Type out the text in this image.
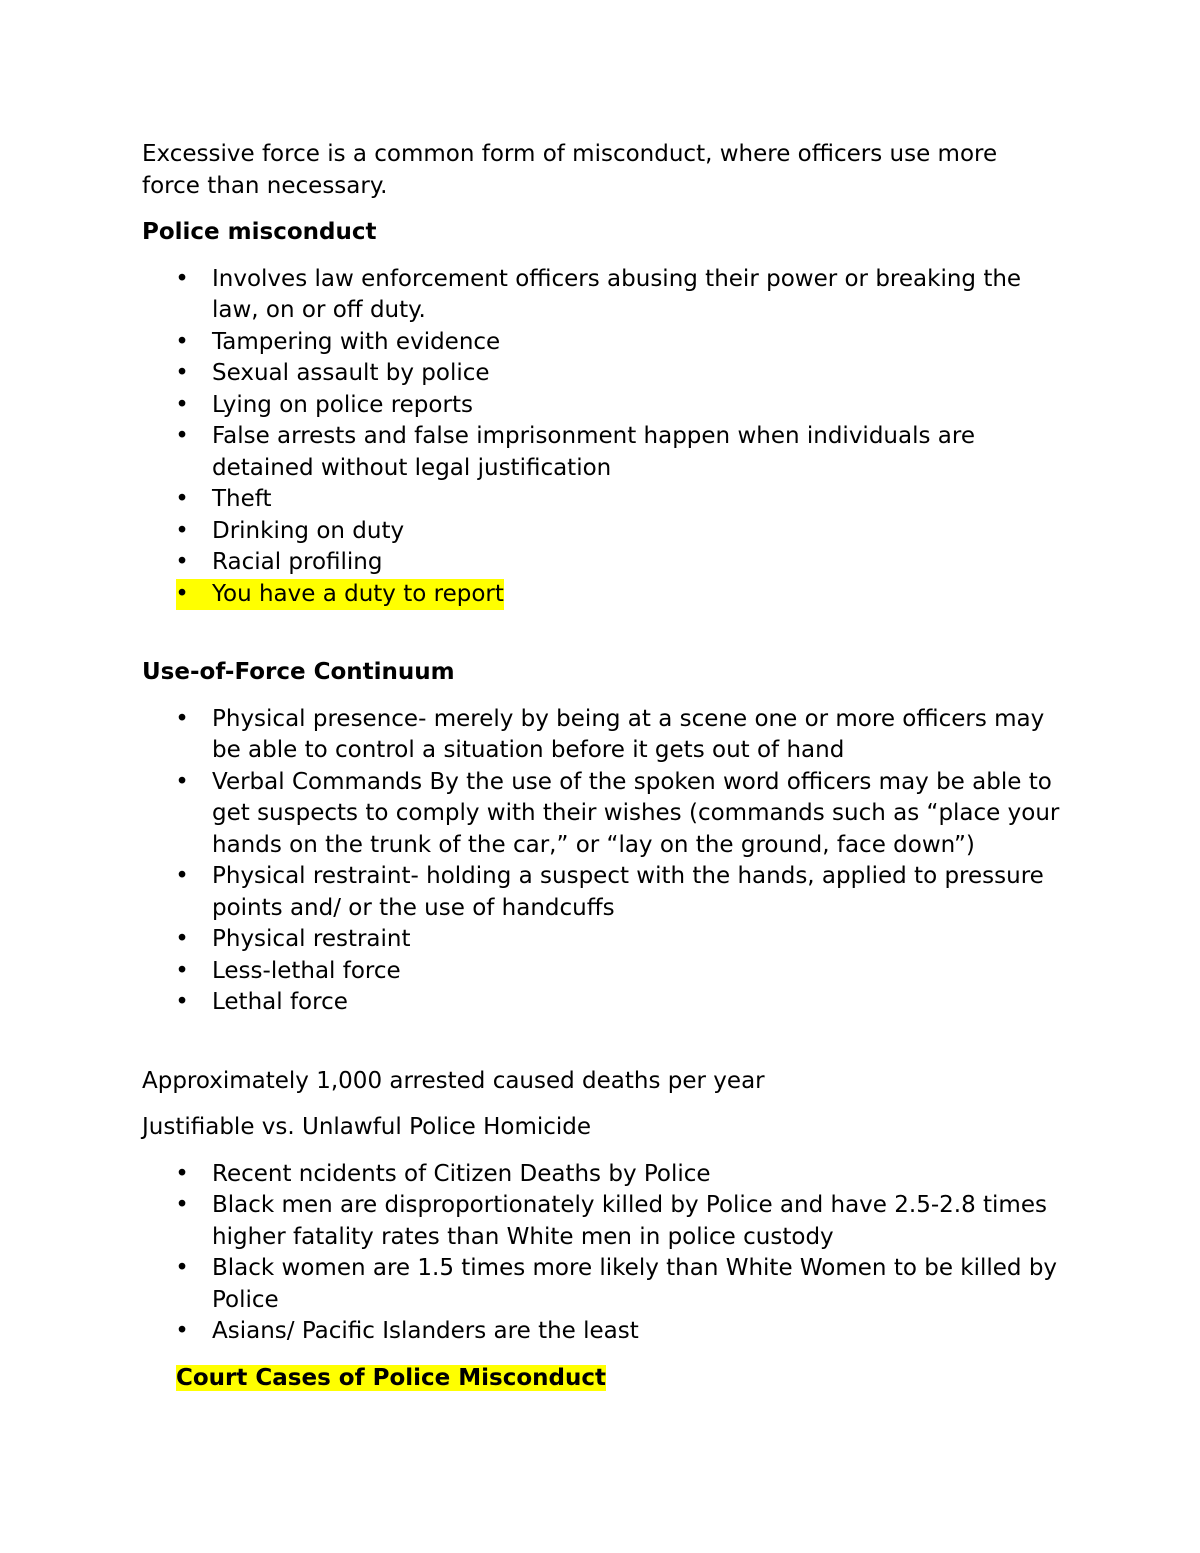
Excessive force is a common form of misconduct, where officers use more force than necessary.

Police misconduct

• Involves law enforcement officers abusing their power or breaking the law, on or off duty.
• Tampering with evidence
• Sexual assault by police
• Lying on police reports
• False arrests and false imprisonment happen when individuals are detained without legal justification
• Theft
• Drinking on duty
• Racial profiling
• You have a duty to report

Use-of-Force Continuum

• Physical presence- merely by being at a scene one or more officers may be able to control a situation before it gets out of hand
• Verbal Commands By the use of the spoken word officers may be able to get suspects to comply with their wishes (commands such as “place your hands on the trunk of the car,” or “lay on the ground, face down”)
• Physical restraint- holding a suspect with the hands, applied to pressure points and/ or the use of handcuffs
• Physical restraint
• Less-lethal force
• Lethal force

Approximately 1,000 arrested caused deaths per year

Justifiable vs. Unlawful Police Homicide

• Recent ncidents of Citizen Deaths by Police
• Black men are disproportionately killed by Police and have 2.5-2.8 times higher fatality rates than White men in police custody
• Black women are 1.5 times more likely than White Women to be killed by Police
• Asians/ Pacific Islanders are the least

Court Cases of Police Misconduct
